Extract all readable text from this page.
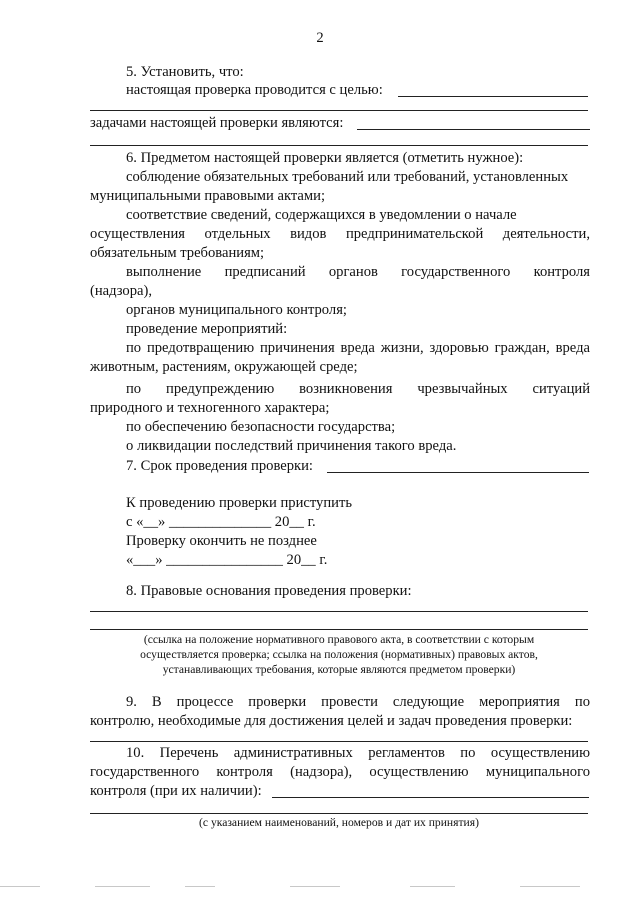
2
5. Установить, что:
настоящая проверка проводится с целью:
задачами настоящей проверки являются:
6. Предметом настоящей проверки является (отметить нужное):
соблюдение обязательных требований или требований, установленных
муниципальными правовыми актами;
соответствие сведений, содержащихся в уведомлении о начале
осуществления отдельных видов предпринимательской деятельности,
обязательным требованиям;
выполнение предписаний органов государственного контроля
(надзора),
органов муниципального контроля;
проведение мероприятий:
по предотвращению причинения вреда жизни, здоровью граждан, вреда
животным, растениям, окружающей среде;
по предупреждению возникновения чрезвычайных ситуаций
природного и техногенного характера;
по обеспечению безопасности государства;
о ликвидации последствий причинения такого вреда.
7. Срок проведения проверки:
К проведению проверки приступить
с «__» ______________ 20__ г.
Проверку окончить не позднее
«___» ________________ 20__ г.
8. Правовые основания проведения проверки:
(ссылка на положение нормативного правового акта, в соответствии с которым
осуществляется проверка; ссылка на положения (нормативных) правовых актов,
устанавливающих требования, которые являются предметом проверки)
9. В процессе проверки провести следующие мероприятия по
контролю, необходимые для достижения целей и задач проведения проверки:
10. Перечень административных регламентов по осуществлению
государственного контроля (надзора), осуществлению муниципального
контроля (при их наличии):
(с указанием наименований, номеров и дат их принятия)
